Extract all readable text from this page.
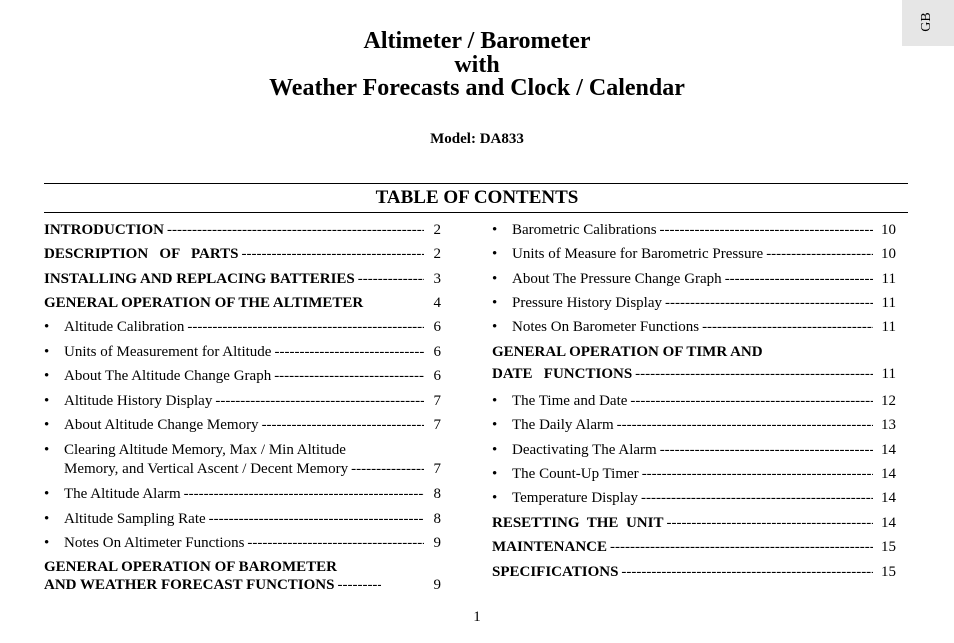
GB
Altimeter / Barometer
with
Weather Forecasts and Clock / Calendar
Model: DA833
TABLE OF CONTENTS
INTRODUCTION -----	2
DESCRIPTION   OF   PARTS -----	2
INSTALLING AND REPLACING BATTERIES -----	3
GENERAL OPERATION OF THE ALTIMETER	4
• Altitude Calibration -----	6
• Units of Measurement for Altitude -----	6
• About The Altitude Change Graph -----	6
• Altitude History Display -----	7
• About Altitude Change Memory -----	7
• Clearing Altitude Memory, Max / Min Altitude
Memory, and Vertical Ascent / Decent Memory -----	7
• The Altitude Alarm -----	8
• Altitude Sampling Rate -----	8
• Notes On Altimeter Functions -----	9
GENERAL OPERATION OF BAROMETER
AND WEATHER FORECAST FUNCTIONS -----	9
• Barometric Calibrations -----	10
• Units of Measure for Barometric Pressure -----	10
• About The Pressure Change Graph -----	11
• Pressure History Display -----	11
• Notes On Barometer Functions -----	11
GENERAL OPERATION OF TIMR AND
DATE   FUNCTIONS -----	11
• The Time and Date -----	12
• The Daily Alarm -----	13
• Deactivating The Alarm -----	14
• The Count-Up Timer -----	14
• Temperature Display -----	14
RESETTING  THE  UNIT -----	14
MAINTENANCE -----	15
SPECIFICATIONS -----	15
1
